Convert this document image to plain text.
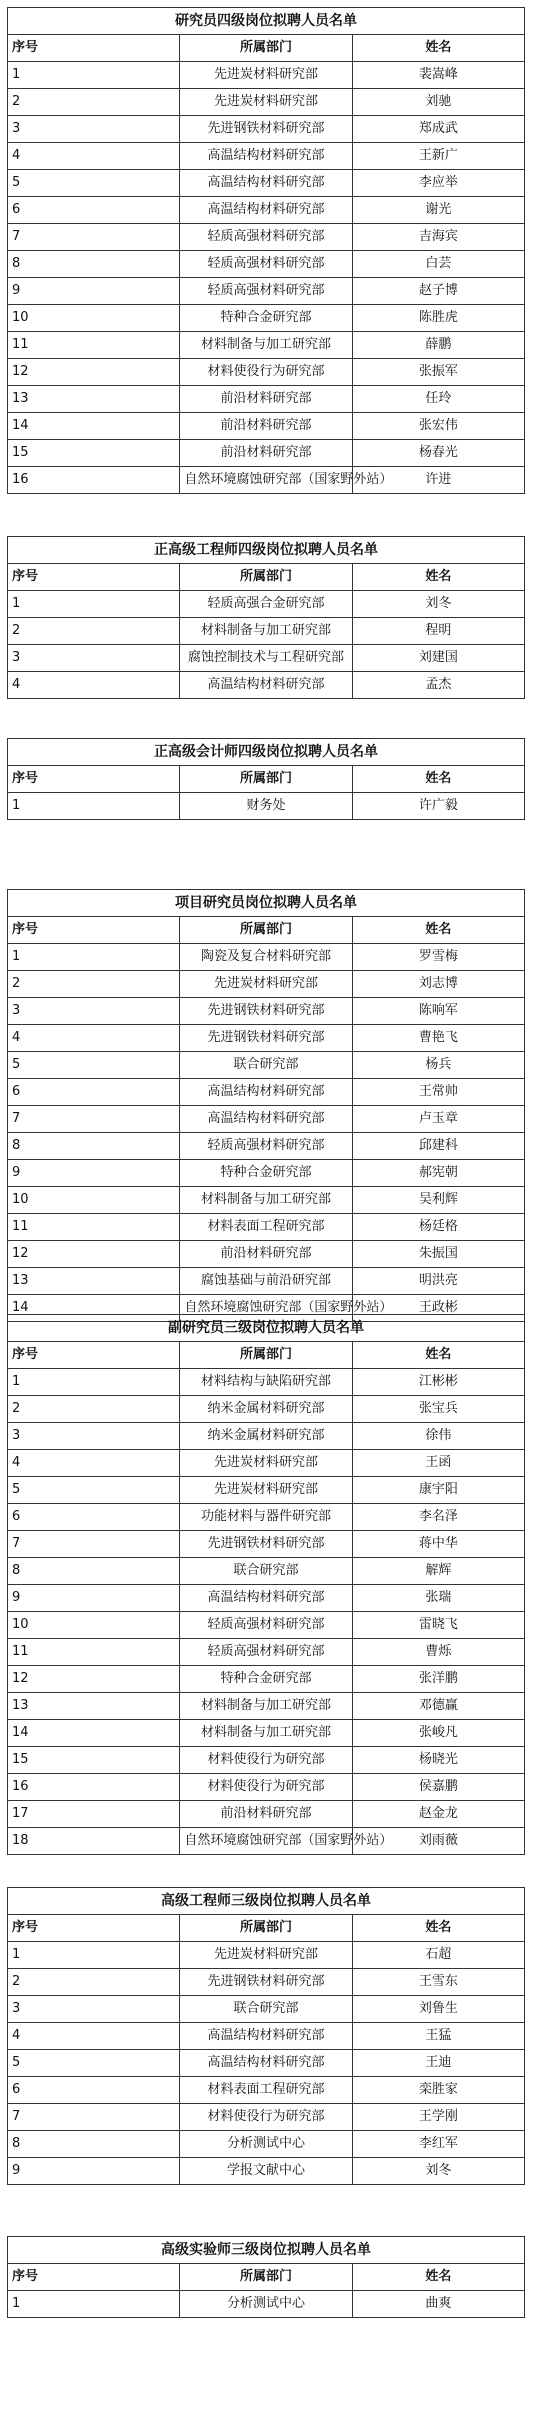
研究员四级岗位拟聘人员名单		
序号	所属部门	姓名
1	先进炭材料研究部	裴嵩峰
2	先进炭材料研究部	刘驰
3	先进钢铁材料研究部	郑成武
4	高温结构材料研究部	王新广
5	高温结构材料研究部	李应举
6	高温结构材料研究部	谢光
7	轻质高强材料研究部	吉海宾
8	轻质高强材料研究部	白芸
9	轻质高强材料研究部	赵子博
10	特种合金研究部	陈胜虎
11	材料制备与加工研究部	薛鹏
12	材料使役行为研究部	张振军
13	前沿材料研究部	任玲
14	前沿材料研究部	张宏伟
15	前沿材料研究部	杨春光
16	自然环境腐蚀研究部（国家野外站）	许进
正高级工程师四级岗位拟聘人员名单		
序号	所属部门	姓名
1	轻质高强合金研究部	刘冬
2	材料制备与加工研究部	程明
3	腐蚀控制技术与工程研究部	刘建国
4	高温结构材料研究部	孟杰
正高级会计师四级岗位拟聘人员名单		
序号	所属部门	姓名
1	财务处	许广毅
项目研究员岗位拟聘人员名单		
序号	所属部门	姓名
1	陶瓷及复合材料研究部	罗雪梅
2	先进炭材料研究部	刘志博
3	先进钢铁材料研究部	陈响军
4	先进钢铁材料研究部	曹艳飞
5	联合研究部	杨兵
6	高温结构材料研究部	王常帅
7	高温结构材料研究部	卢玉章
8	轻质高强材料研究部	邱建科
9	特种合金研究部	郝宪朝
10	材料制备与加工研究部	吴利辉
11	材料表面工程研究部	杨廷格
12	前沿材料研究部	朱振国
13	腐蚀基础与前沿研究部	明洪亮
14	自然环境腐蚀研究部（国家野外站）	王政彬
副研究员三级岗位拟聘人员名单		
序号	所属部门	姓名
1	材料结构与缺陷研究部	江彬彬
2	纳米金属材料研究部	张宝兵
3	纳米金属材料研究部	徐伟
4	先进炭材料研究部	王函
5	先进炭材料研究部	康宇阳
6	功能材料与器件研究部	李名泽
7	先进钢铁材料研究部	蒋中华
8	联合研究部	解辉
9	高温结构材料研究部	张瑞
10	轻质高强材料研究部	雷晓飞
11	轻质高强材料研究部	曹烁
12	特种合金研究部	张洋鹏
13	材料制备与加工研究部	邓德赢
14	材料制备与加工研究部	张峻凡
15	材料使役行为研究部	杨晓光
16	材料使役行为研究部	侯嘉鹏
17	前沿材料研究部	赵金龙
18	自然环境腐蚀研究部（国家野外站）	刘雨薇
高级工程师三级岗位拟聘人员名单		
序号	所属部门	姓名
1	先进炭材料研究部	石超
2	先进钢铁材料研究部	王雪东
3	联合研究部	刘鲁生
4	高温结构材料研究部	王猛
5	高温结构材料研究部	王迪
6	材料表面工程研究部	栾胜家
7	材料使役行为研究部	王学刚
8	分析测试中心	李红军
9	学报文献中心	刘冬
高级实验师三级岗位拟聘人员名单		
序号	所属部门	姓名
1	分析测试中心	曲爽
